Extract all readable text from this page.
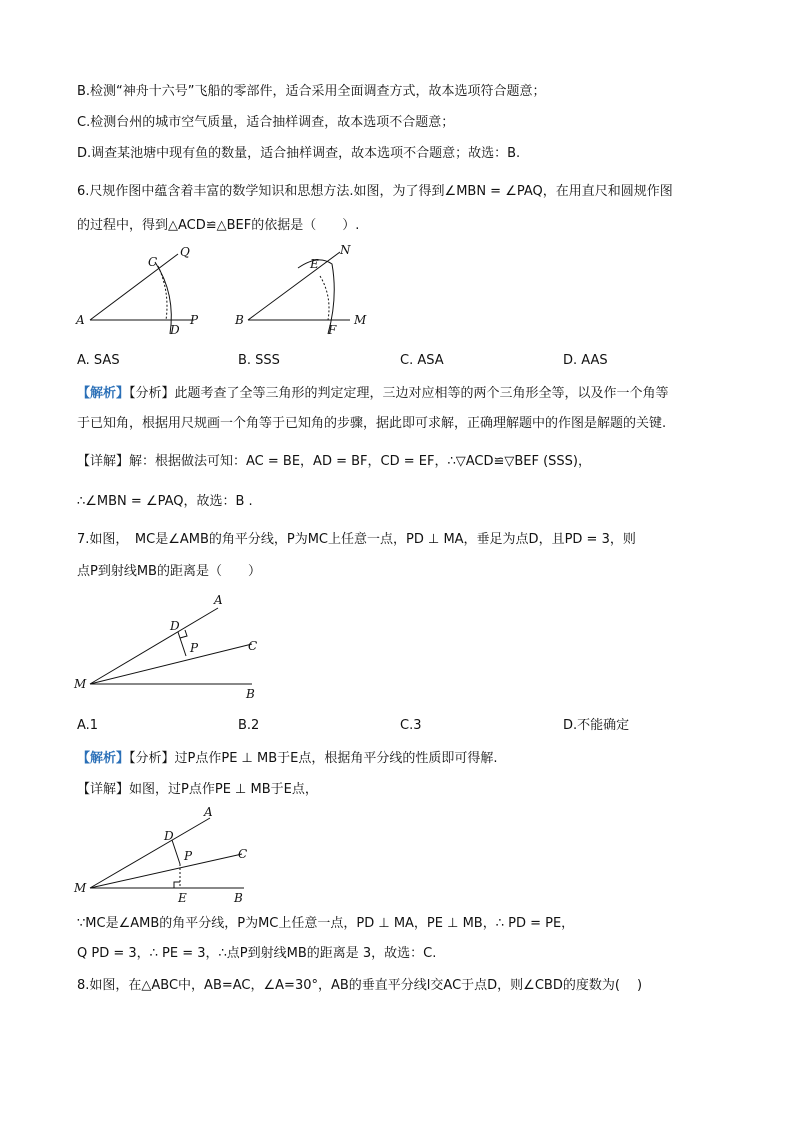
B.检测“神舟十六号”飞船的零部件，适合采用全面调查方式，故本选项符合题意；
C.检测台州的城市空气质量，适合抽样调查，故本选项不合题意；
D.调查某池塘中现有鱼的数量，适合抽样调查，故本选项不合题意；故选：B.
6.尺规作图中蕴含着丰富的数学知识和思想方法.如图，为了得到∠MBN = ∠PAQ，在用直尺和圆规作图
的过程中，得到△ACD≌△BEF的依据是（　　）.
A	P
Q
C
D
B	M
N
E
F
A. SAS	B. SSS	C. ASA	D. AAS
【解析】【分析】此题考查了全等三角形的判定定理，三边对应相等的两个三角形全等，以及作一个角等
于已知角，根据用尺规画一个角等于已知角的步骤，据此即可求解，正确理解题中的作图是解题的关键.
【详解】解：根据做法可知：AC = BE，AD = BF，CD = EF，∴▽ACD≌▽BEF (SSS)，
∴∠MBN = ∠PAQ，故选：B .
7.如图，　MC是∠AMB的角平分线，P为MC上任意一点，PD ⊥ MA，垂足为点D，且PD = 3，则
点P到射线MB的距离是（　　）
A
B
C
D
P
M
A.1	B.2	C.3	D.不能确定
【解析】【分析】过P点作PE ⊥ MB于E点，根据角平分线的性质即可得解.
【详解】如图，过P点作PE ⊥ MB于E点，
A
B
C
D
P
M
E
∵MC是∠AMB的角平分线，P为MC上任意一点，PD ⊥ MA，PE ⊥ MB，∴ PD = PE，
Q PD = 3，∴ PE = 3，∴点P到射线MB的距离是 3，故选：C.
8.如图，在△ABC中，AB=AC，∠A=30°，AB的垂直平分线l交AC于点D，则∠CBD的度数为(　 )
